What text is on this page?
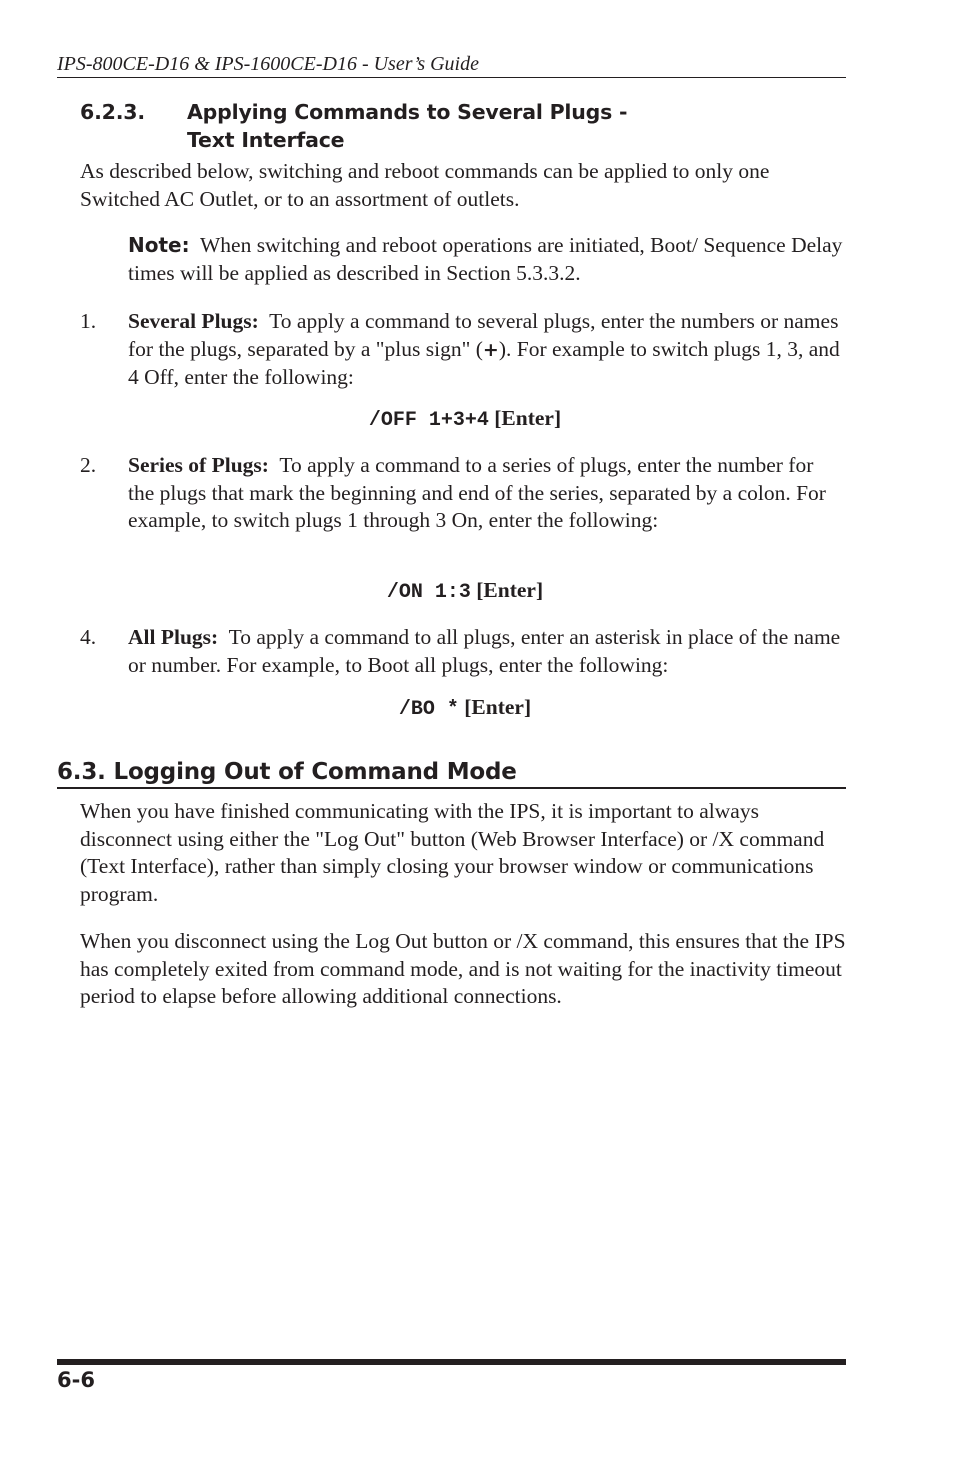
IPS-800CE-D16 & IPS-1600CE-D16 - User’s Guide
6.2.3. Applying Commands to Several Plugs -
Text Interface
As described below, switching and reboot commands can be applied to only one Switched AC Outlet, or to an assortment of outlets.
Note: When switching and reboot operations are initiated, Boot/ Sequence Delay times will be applied as described in Section 5.3.3.2.
1. Several Plugs: To apply a command to several plugs, enter the numbers or names for the plugs, separated by a "plus sign" (+). For example to switch plugs 1, 3, and 4 Off, enter the following:
/OFF 1+3+4 [Enter]
2. Series of Plugs: To apply a command to a series of plugs, enter the number for the plugs that mark the beginning and end of the series, separated by a colon. For example, to switch plugs 1 through 3 On, enter the following:
/ON 1:3 [Enter]
4. All Plugs: To apply a command to all plugs, enter an asterisk in place of the name or number. For example, to Boot all plugs, enter the following:
/BO * [Enter]
6.3. Logging Out of Command Mode
When you have finished communicating with the IPS, it is important to always disconnect using either the "Log Out" button (Web Browser Interface) or /X command (Text Interface), rather than simply closing your browser window or communications program.
When you disconnect using the Log Out button or /X command, this ensures that the IPS has completely exited from command mode, and is not waiting for the inactivity timeout period to elapse before allowing additional connections.
6-6
